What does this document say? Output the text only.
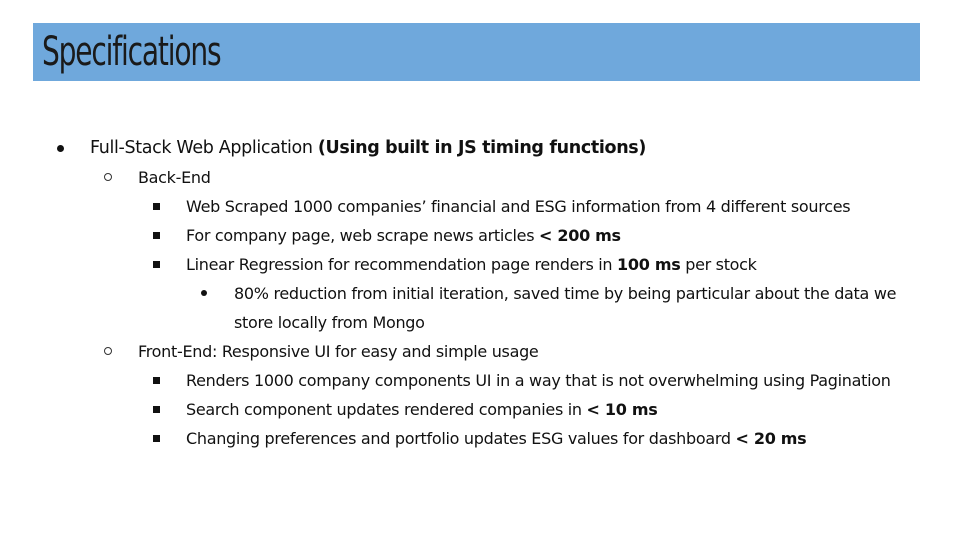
Specifications
Full-Stack Web Application (Using built in JS timing functions)
Back-End
Web Scraped 1000 companies’ financial and ESG information from 4 different sources
For company page, web scrape news articles < 200 ms
Linear Regression for recommendation page renders in 100 ms per stock
80% reduction from initial iteration, saved time by being particular about the data we
store locally from Mongo
Front-End: Responsive UI for easy and simple usage
Renders 1000 company components UI in a way that is not overwhelming using Pagination
Search component updates rendered companies in < 10 ms
Changing preferences and portfolio updates ESG values for dashboard < 20 ms
